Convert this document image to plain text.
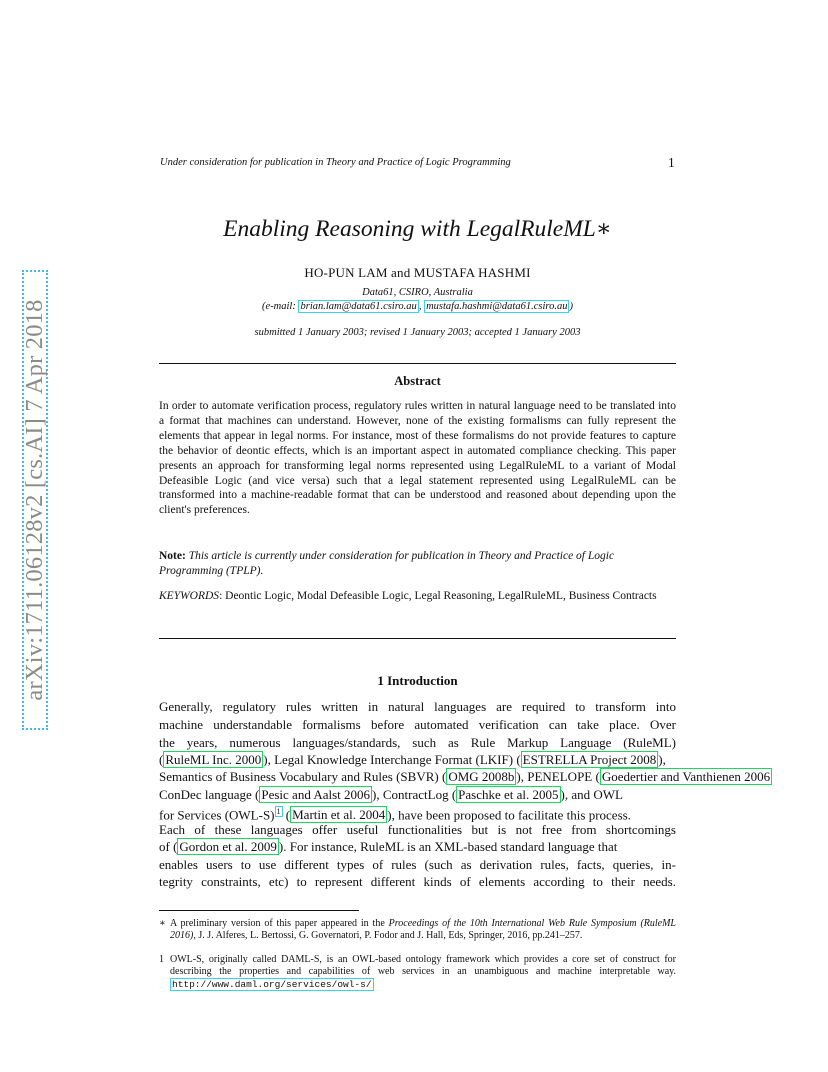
Under consideration for publication in Theory and Practice of Logic Programming	1
arXiv:1711.06128v2 [cs.AI] 7 Apr 2018
Enabling Reasoning with LegalRuleML∗
HO-PUN LAM and MUSTAFA HASHMI
Data61, CSIRO, Australia
(e-mail: brian.lam@data61.csiro.au , mustafa.hashmi@data61.csiro.au )
submitted 1 January 2003; revised 1 January 2003; accepted 1 January 2003
Abstract
In order to automate verification process, regulatory rules written in natural language need to be translated into a format that machines can understand. However, none of the existing formalisms can fully represent the elements that appear in legal norms. For instance, most of these formalisms do not provide features to capture the behavior of deontic effects, which is an important aspect in automated compliance checking. This paper presents an approach for transforming legal norms represented using LegalRuleML to a variant of Modal Defeasible Logic (and vice versa) such that a legal statement represented using LegalRuleML can be transformed into a machine-readable format that can be understood and reasoned about depending upon the client's preferences.
Note: This article is currently under consideration for publication in Theory and Practice of Logic Programming (TPLP).
KEYWORDS: Deontic Logic, Modal Defeasible Logic, Legal Reasoning, LegalRuleML, Business Contracts
1 Introduction
Generally, regulatory rules written in natural languages are required to transform into
machine understandable formalisms before automated verification can take place. Over
the years, numerous languages/standards, such as Rule Markup Language (RuleML)
( RuleML Inc. 2000 ), Legal Knowledge Interchange Format (LKIF) ( ESTRELLA Project 2008 ),
Semantics of Business Vocabulary and Rules (SBVR) ( OMG 2008b ), PENELOPE ( Goedertier and Vanthienen 2006
ConDec language ( Pesic and Aalst 2006 ), ContractLog ( Paschke et al. 2005 ), and OWL
for Services (OWL-S) $^1$ ( Martin et al. 2004 ), have been proposed to facilitate this process.
Each of these languages offer useful functionalities but is not free from shortcomings
of ( Gordon et al. 2009 ). For instance, RuleML is an XML-based standard language that
enables users to use different types of rules (such as derivation rules, facts, queries, in-
tegrity constraints, etc) to represent different kinds of elements according to their needs.
∗ A preliminary version of this paper appeared in the Proceedings of the 10th International Web Rule Symposium (RuleML 2016), J. J. Alferes, L. Bertossi, G. Governatori, P. Fodor and J. Hall, Eds, Springer, 2016, pp.241–257.
1 OWL-S, originally called DAML-S, is an OWL-based ontology framework which provides a core set of construct for describing the properties and capabilities of web services in an unambiguous and machine interpretable way. http://www.daml.org/services/owl-s/
